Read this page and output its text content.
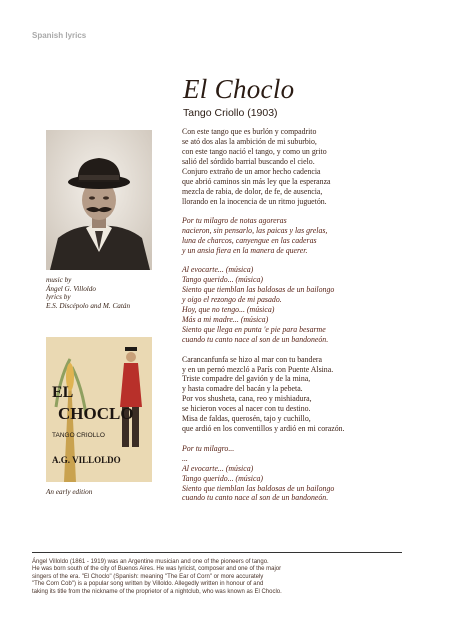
Spanish lyrics
El Choclo
Tango Criollo (1903)
music by
Ángel G. Villoldo
lyrics by
E.S. Discépolo and M. Catán
EL
CHOCLO
TANGO CRIOLLO
A.G. VILLOLDO
An early edition
Con este tango que es burlón y compadrito
se ató dos alas la ambición de mi suburbio,
con este tango nació el tango, y como un grito
salió del sórdido barrial buscando el cielo.
Conjuro extraño de un amor hecho cadencia
que abrió caminos sin más ley que la esperanza
mezcla de rabia, de dolor, de fe, de ausencia,
llorando en la inocencia de un ritmo juguetón.
Por tu milagro de notas agoreras
nacieron, sin pensarlo, las paicas y las grelas,
luna de charcos, canyengue en las caderas
y un ansia fiera en la manera de querer.
Al evocarte... (música)
Tango querido... (música)
Siento que tiemblan las baldosas de un bailongo
y oigo el rezongo de mi pasado.
Hoy, que no tengo... (música)
Más a mi madre... (música)
Siento que llega en punta 'e pie para besarme
cuando tu canto nace al son de un bandoneón.
Carancanfunfa se hizo al mar con tu bandera
y en un pernó mezcló a París con Puente Alsina.
Triste compadre del gavión y de la mina,
y hasta comadre del bacán y la pebeta.
Por vos shusheta, cana, reo y mishiadura,
se hicieron voces al nacer con tu destino.
Misa de faldas, querosén, tajo y cuchillo,
que ardió en los conventillos y ardió en mi corazón.
Por tu milagro...
...
Al evocarte... (música)
Tango querido... (música)
Siento que tiemblan las baldosas de un bailongo
cuando tu canto nace al son de un bandoneón.
Ángel Villoldo (1861 - 1919) was an Argentine musician and one of the pioneers of tango.
He was born south of the city of Buenos Aires. He was lyricist, composer and one of the major
singers of the era. "El Choclo" (Spanish: meaning "The Ear of Corn" or more accurately
"The Corn Cob") is a popular song written by Villoldo. Allegedly written in honour of and
taking its title from the nickname of the proprietor of a nightclub, who was known as El Choclo.
